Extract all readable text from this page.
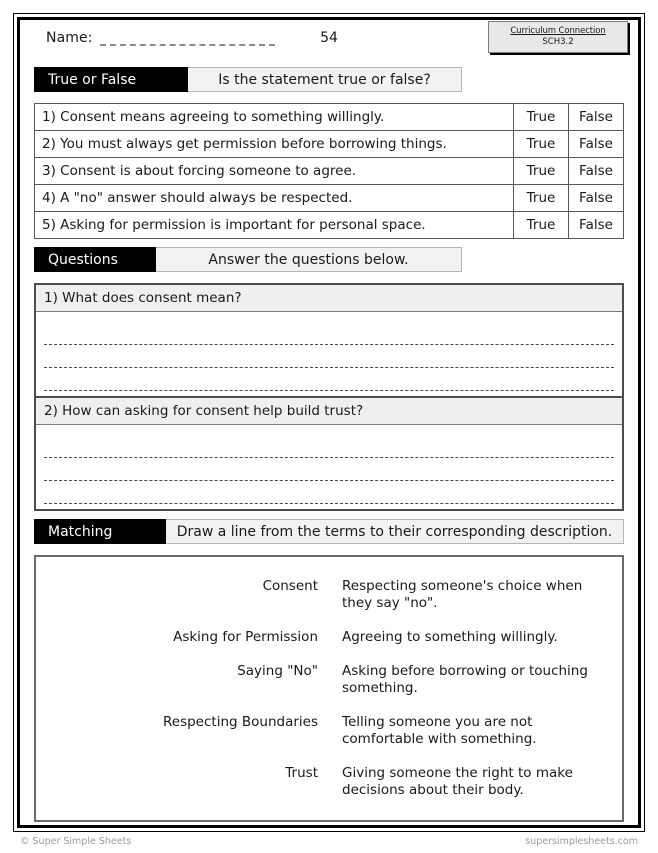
Name:	54	Curriculum Connection
SCH3.2
True or False	Is the statement true or false?
1) Consent means agreeing to something willingly.	True	False
2) You must always get permission before borrowing things.	True	False
3) Consent is about forcing someone to agree.	True	False
4) A "no" answer should always be respected.	True	False
5) Asking for permission is important for personal space.	True	False
Questions	Answer the questions below.
1) What does consent mean?
2) How can asking for consent help build trust?
Matching	Draw a line from the terms to their corresponding description.
Consent	Respecting someone's choice when they say "no".
Asking for Permission	Agreeing to something willingly.
Saying "No"	Asking before borrowing or touching something.
Respecting Boundaries	Telling someone you are not comfortable with something.
Trust	Giving someone the right to make decisions about their body.
© Super Simple Sheets	supersimplesheets.com
